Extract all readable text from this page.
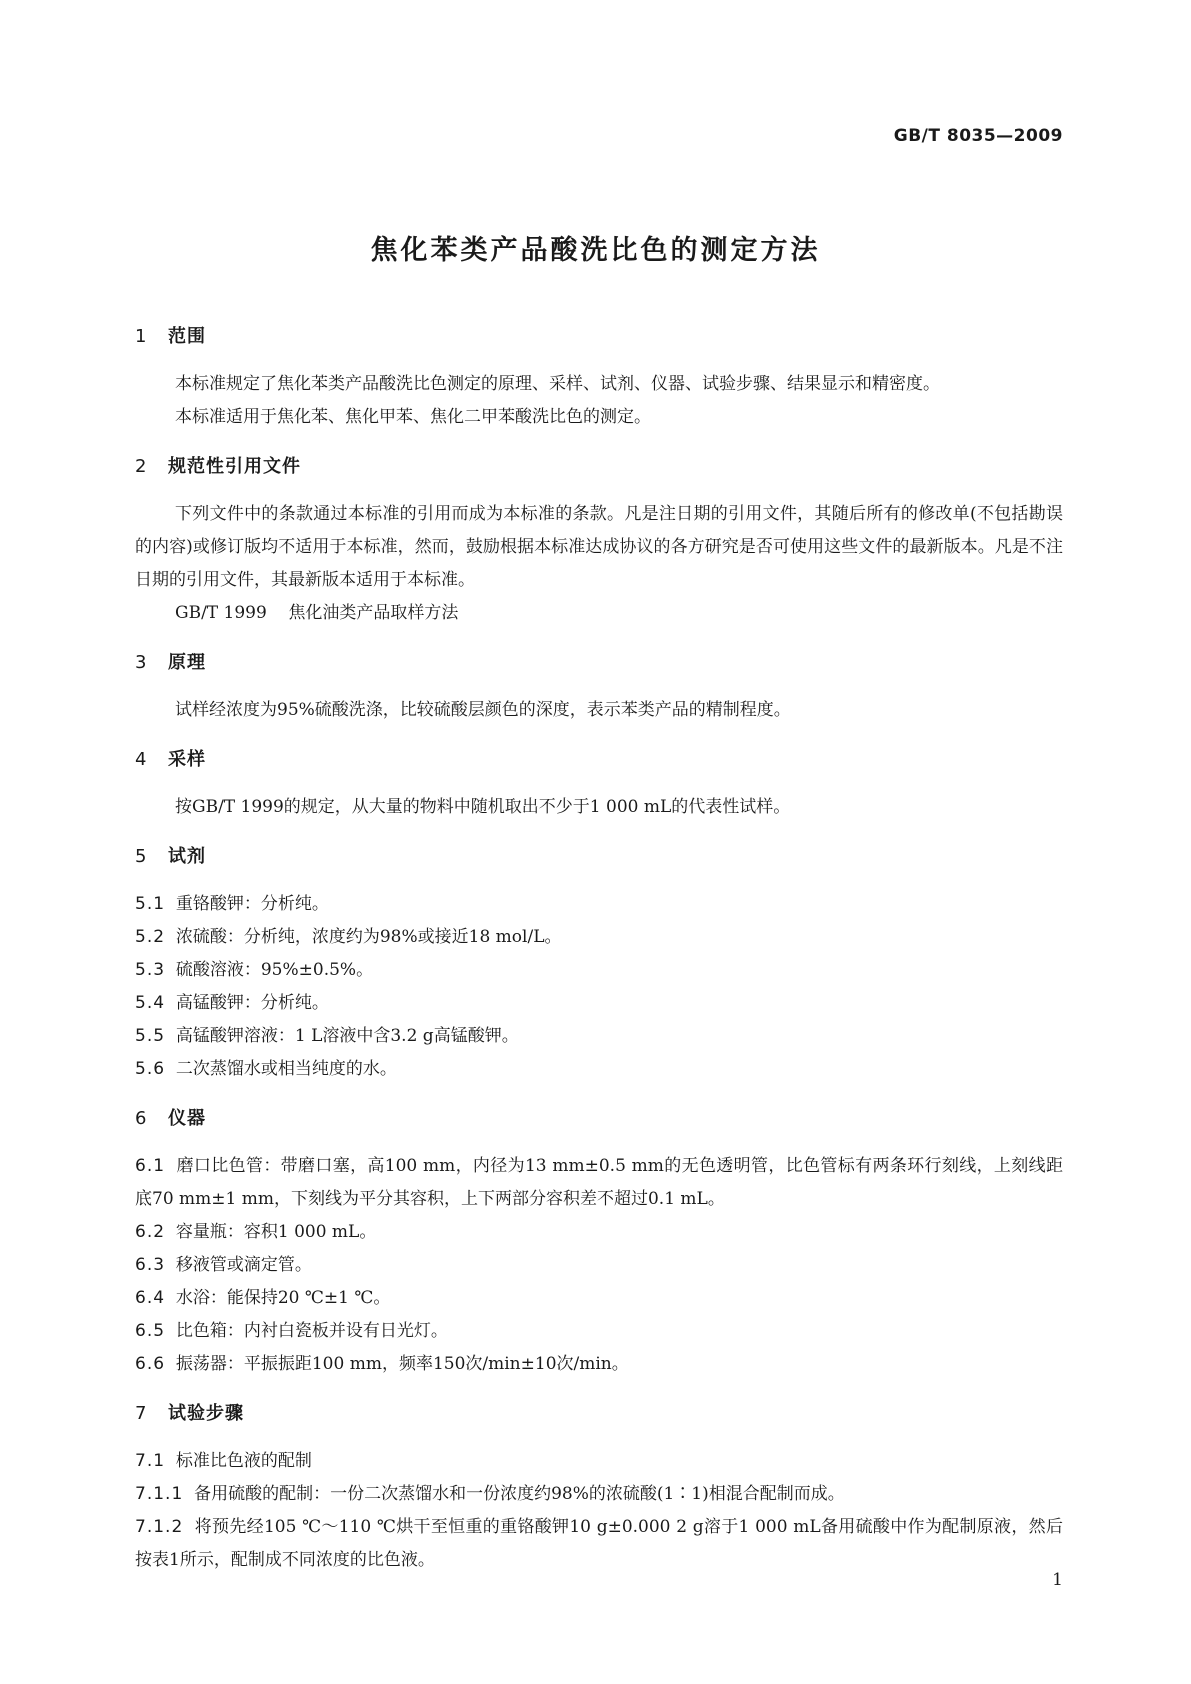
GB/T 8035—2009
焦化苯类产品酸洗比色的测定方法
1 范围

本标准规定了焦化苯类产品酸洗比色测定的原理、采样、试剂、仪器、试验步骤、结果显示和精密度。

本标准适用于焦化苯、焦化甲苯、焦化二甲苯酸洗比色的测定。

2 规范性引用文件

下列文件中的条款通过本标准的引用而成为本标准的条款。凡是注日期的引用文件，其随后所有的修改单(不包括勘误的内容)或修订版均不适用于本标准，然而，鼓励根据本标准达成协议的各方研究是否可使用这些文件的最新版本。凡是不注日期的引用文件，其最新版本适用于本标准。

GB/T 1999 焦化油类产品取样方法

3 原理

试样经浓度为95%硫酸洗涤，比较硫酸层颜色的深度，表示苯类产品的精制程度。

4 采样

按GB/T 1999的规定，从大量的物料中随机取出不少于1 000 mL的代表性试样。

5 试剂

5.1 重铬酸钾：分析纯。

5.2 浓硫酸：分析纯，浓度约为98%或接近18 mol/L。

5.3 硫酸溶液：95%±0.5%。

5.4 高锰酸钾：分析纯。

5.5 高锰酸钾溶液：1 L溶液中含3.2 g高锰酸钾。

5.6 二次蒸馏水或相当纯度的水。

6 仪器

6.1 磨口比色管：带磨口塞，高100 mm，内径为13 mm±0.5 mm的无色透明管，比色管标有两条环行刻线，上刻线距底70 mm±1 mm，下刻线为平分其容积，上下两部分容积差不超过0.1 mL。

6.2 容量瓶：容积1 000 mL。

6.3 移液管或滴定管。

6.4 水浴：能保持20 ℃±1 ℃。

6.5 比色箱：内衬白瓷板并设有日光灯。

6.6 振荡器：平振振距100 mm，频率150次/min±10次/min。

7 试验步骤

7.1 标准比色液的配制

7.1.1 备用硫酸的配制：一份二次蒸馏水和一份浓度约98%的浓硫酸(1∶1)相混合配制而成。

7.1.2 将预先经105 ℃～110 ℃烘干至恒重的重铬酸钾10 g±0.000 2 g溶于1 000 mL备用硫酸中作为配制原液，然后按表1所示，配制成不同浓度的比色液。

1
